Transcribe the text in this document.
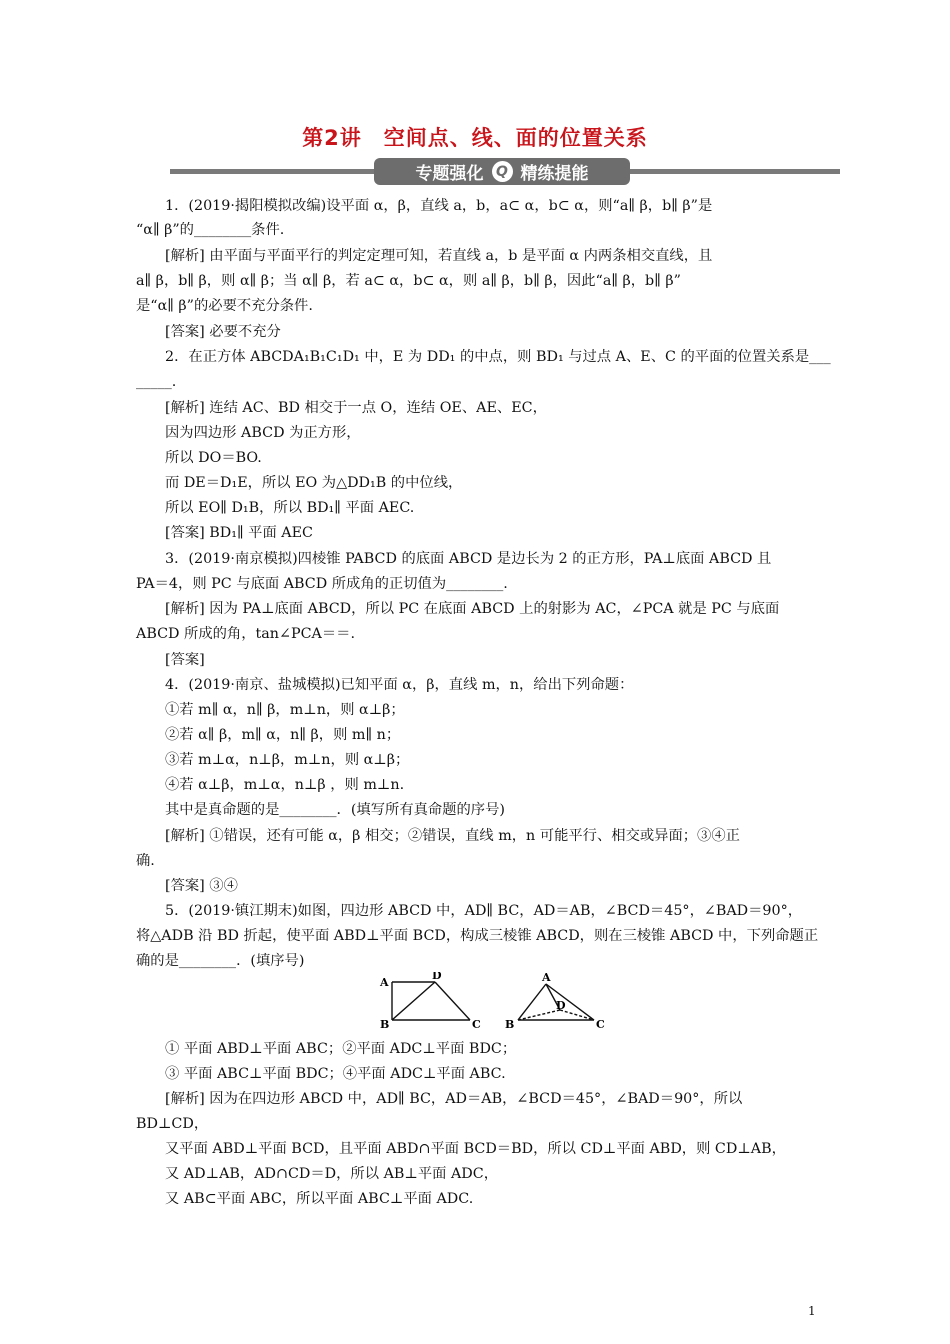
第2讲　空间点、线、面的位置关系
专题强化 Q 精练提能
1．(2019·揭阳模拟改编)设平面 α，β，直线 a，b，a⊂ α，b⊂ α，则“a∥ β，b∥ β”是
“α∥ β”的________条件.
[解析] 由平面与平面平行的判定定理可知，若直线 a，b 是平面 α 内两条相交直线，且
a∥ β，b∥ β，则 α∥ β；当 α∥ β，若 a⊂ α，b⊂ α，则 a∥ β，b∥ β，因此“a∥ β，b∥ β”
是“α∥ β”的必要不充分条件.
[答案] 必要不充分
2．在正方体 ABCDA₁B₁C₁D₁ 中，E 为 DD₁ 的中点，则 BD₁ 与过点 A、E、C 的平面的位置关系是___
_____.
[解析] 连结 AC、BD 相交于一点 O，连结 OE、AE、EC，
因为四边形 ABCD 为正方形，
所以 DO＝BO.
而 DE＝D₁E，所以 EO 为△DD₁B 的中位线，
所以 EO∥ D₁B，所以 BD₁∥ 平面 AEC.
[答案] BD₁∥ 平面 AEC
3．(2019·南京模拟)四棱锥 PABCD 的底面 ABCD 是边长为 2 的正方形，PA⊥底面 ABCD 且
PA＝4，则 PC 与底面 ABCD 所成角的正切值为________.
[解析] 因为 PA⊥底面 ABCD，所以 PC 在底面 ABCD 上的射影为 AC，∠PCA 就是 PC 与底面
ABCD 所成的角，tan∠PCA＝＝.
[答案]
4．(2019·南京、盐城模拟)已知平面 α，β，直线 m，n，给出下列命题：
①若 m∥ α，n∥ β，m⊥n，则 α⊥β；
②若 α∥ β，m∥ α，n∥ β，则 m∥ n；
③若 m⊥α，n⊥β，m⊥n，则 α⊥β；
④若 α⊥β，m⊥α，n⊥β ，则 m⊥n.
其中是真命题的是________．(填写所有真命题的序号)
[解析] ①错误，还有可能 α，β 相交；②错误，直线 m，n 可能平行、相交或异面；③④正
确.
[答案] ③④
5．(2019·镇江期末)如图，四边形 ABCD 中，AD∥ BC，AD＝AB，∠BCD＝45°，∠BAD＝90°，
将△ADB 沿 BD 折起，使平面 ABD⊥平面 BCD，构成三棱锥 ABCD，则在三棱锥 ABCD 中，下列命题正
确的是________．(填序号)
① 平面 ABD⊥平面 ABC；②平面 ADC⊥平面 BDC；
③ 平面 ABC⊥平面 BDC；④平面 ADC⊥平面 ABC.
[解析] 因为在四边形 ABCD 中，AD∥ BC，AD＝AB，∠BCD＝45°，∠BAD＝90°，所以
BD⊥CD，
又平面 ABD⊥平面 BCD，且平面 ABD∩平面 BCD＝BD，所以 CD⊥平面 ABD，则 CD⊥AB，
又 AD⊥AB，AD∩CD＝D，所以 AB⊥平面 ADC，
又 AB⊂平面 ABC，所以平面 ABC⊥平面 ADC.
A
D
B	C
A
B
D
C
1
